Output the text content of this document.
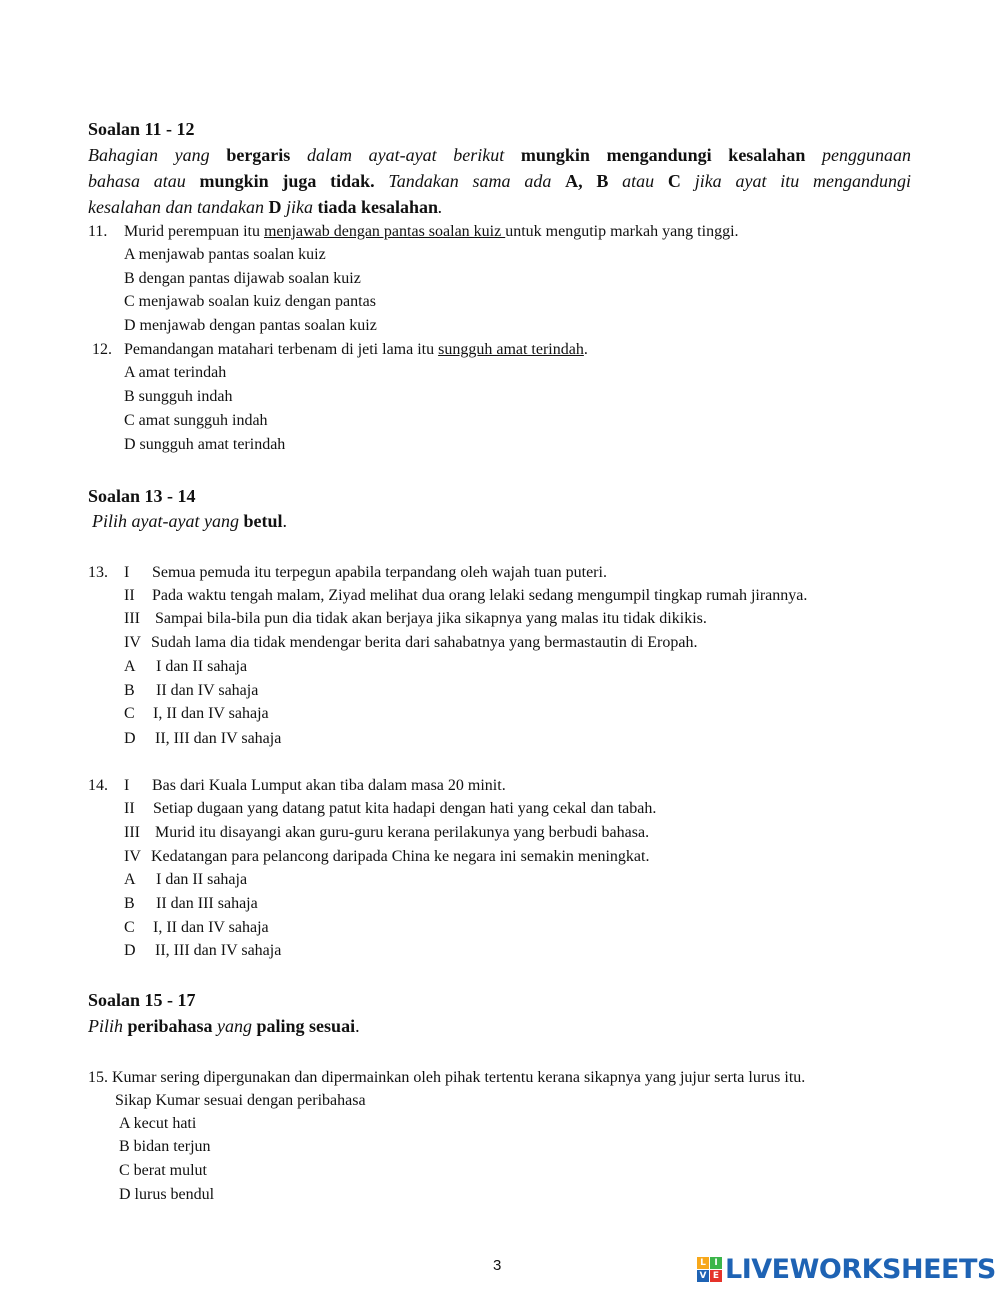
Soalan 11 - 12
Bahagian yang bergaris dalam ayat-ayat berikut mungkin mengandungi kesalahan penggunaan
bahasa atau mungkin juga tidak. Tandakan sama ada A, B atau C jika ayat itu mengandungi
kesalahan dan tandakan D jika tiada kesalahan.
11. Murid perempuan itu menjawab dengan pantas soalan kuiz untuk mengutip markah yang tinggi.
A menjawab pantas soalan kuiz
B dengan pantas dijawab soalan kuiz
C menjawab soalan kuiz dengan pantas
D menjawab dengan pantas soalan kuiz
12. Pemandangan matahari terbenam di jeti lama itu sungguh amat terindah.
A amat terindah
B sungguh indah
C amat sungguh indah
D sungguh amat terindah
Soalan 13 - 14
Pilih ayat-ayat yang betul.
13. I Semua pemuda itu terpegun apabila terpandang oleh wajah tuan puteri.
II Pada waktu tengah malam, Ziyad melihat dua orang lelaki sedang mengumpil tingkap rumah jirannya.
III Sampai bila-bila pun dia tidak akan berjaya jika sikapnya yang malas itu tidak dikikis.
IV Sudah lama dia tidak mendengar berita dari sahabatnya yang bermastautin di Eropah.
A I dan II sahaja
B II dan IV sahaja
C I, II dan IV sahaja
D II, III dan IV sahaja
14. I Bas dari Kuala Lumput akan tiba dalam masa 20 minit.
II Setiap dugaan yang datang patut kita hadapi dengan hati yang cekal dan tabah.
III Murid itu disayangi akan guru-guru kerana perilakunya yang berbudi bahasa.
IV Kedatangan para pelancong daripada China ke negara ini semakin meningkat.
A I dan II sahaja
B II dan III sahaja
C I, II dan IV sahaja
D II, III dan IV sahaja
Soalan 15 - 17
Pilih peribahasa yang paling sesuai.
15. Kumar sering dipergunakan dan dipermainkan oleh pihak tertentu kerana sikapnya yang jujur serta lurus itu.
Sikap Kumar sesuai dengan peribahasa
A kecut hati
B bidan terjun
C berat mulut
D lurus bendul
3	L I
V E LIVEWORKSHEETS
